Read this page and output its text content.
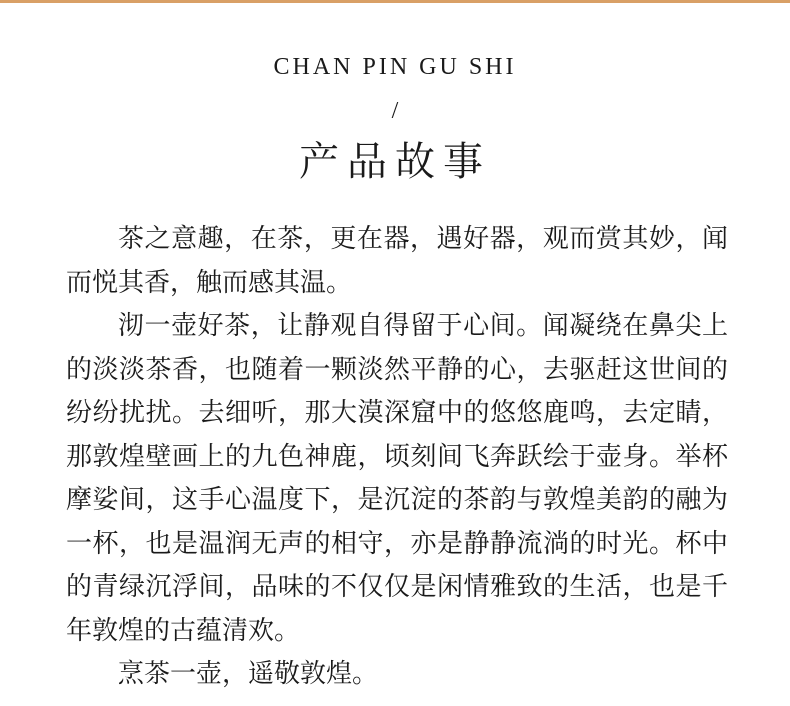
CHAN PIN GU SHI
/
产品故事

茶之意趣，在茶，更在器，遇好器，观而赏其妙，闻而悦其香，触而感其温。

沏一壶好茶，让静观自得留于心间。闻凝绕在鼻尖上的淡淡茶香，也随着一颗淡然平静的心，去驱赶这世间的纷纷扰扰。去细听，那大漠深窟中的悠悠鹿鸣，去定睛，那敦煌壁画上的九色神鹿，顷刻间飞奔跃绘于壶身。举杯摩娑间，这手心温度下，是沉淀的茶韵与敦煌美韵的融为一杯，也是温润无声的相守，亦是静静流淌的时光。杯中的青绿沉浮间，品味的不仅仅是闲情雅致的生活，也是千年敦煌的古蕴清欢。

烹茶一壶，遥敬敦煌。
